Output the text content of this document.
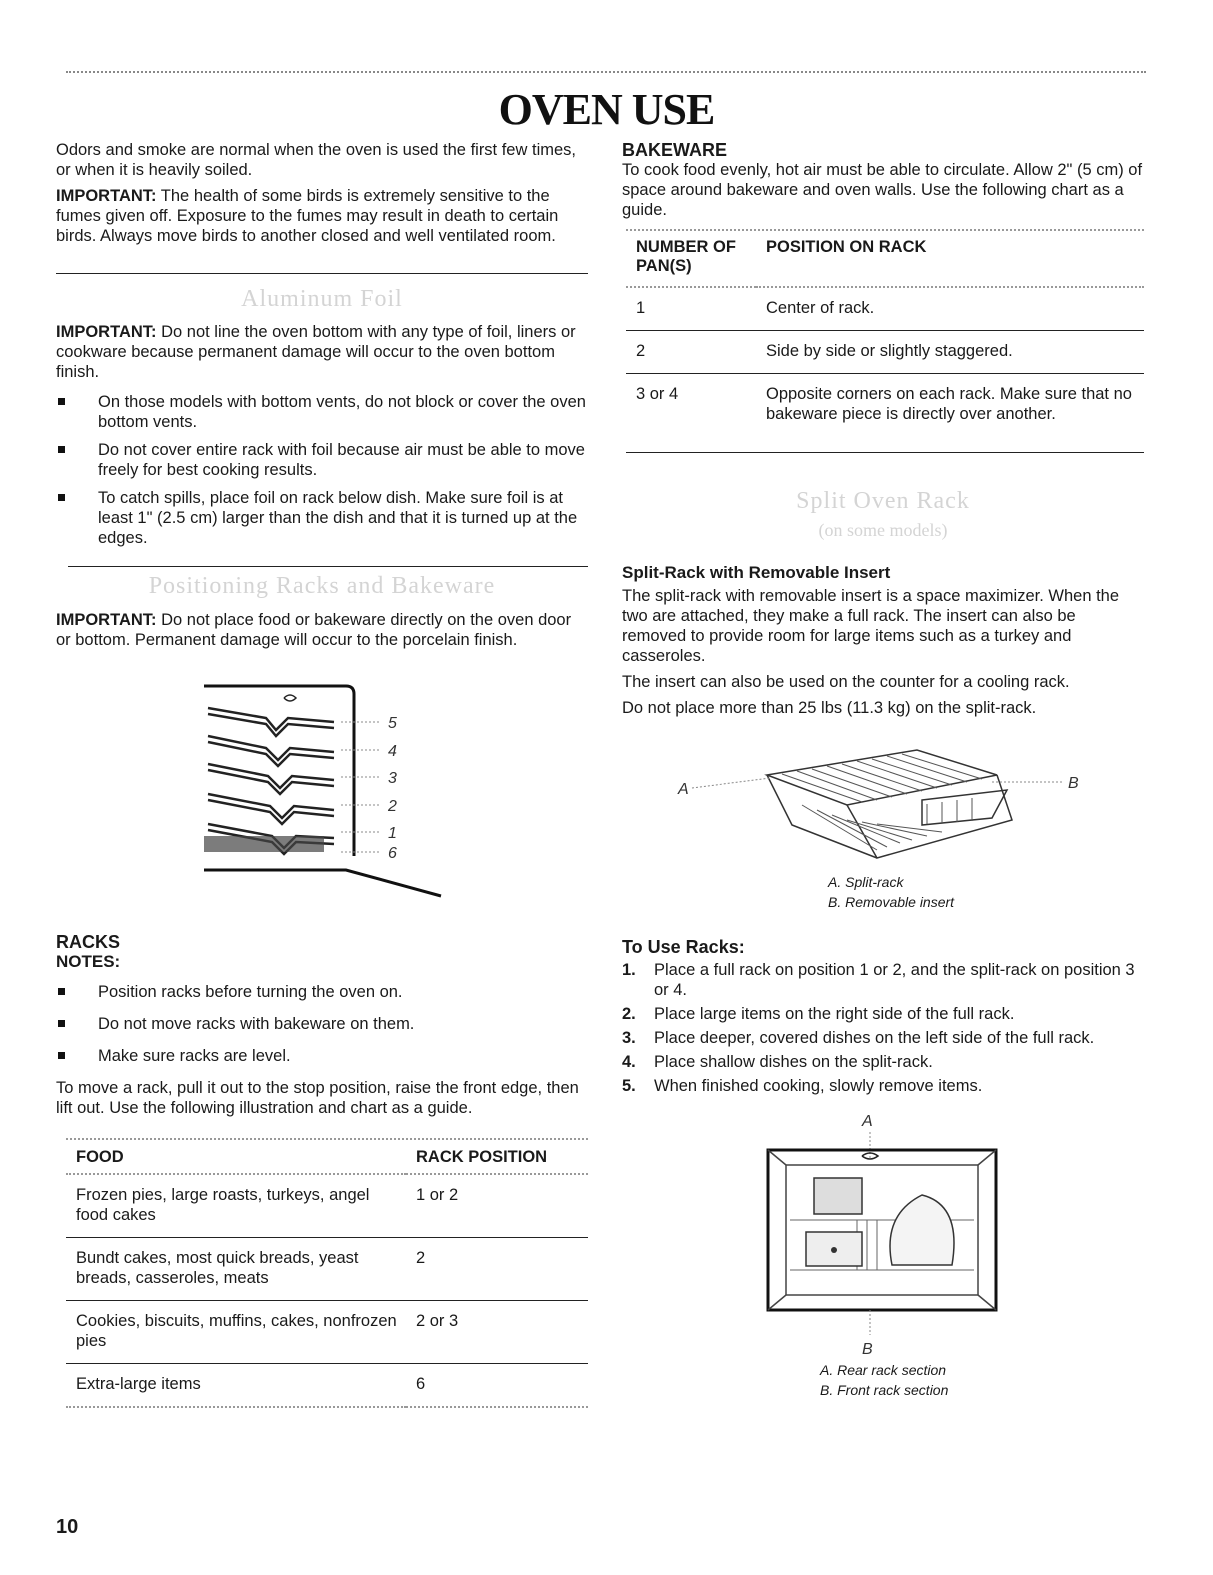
OVEN USE

Odors and smoke are normal when the oven is used the first few times, or when it is heavily soiled.

IMPORTANT: The health of some birds is extremely sensitive to the fumes given off. Exposure to the fumes may result in death to certain birds. Always move birds to another closed and well ventilated room.

Aluminum Foil

IMPORTANT: Do not line the oven bottom with any type of foil, liners or cookware because permanent damage will occur to the oven bottom finish.

On those models with bottom vents, do not block or cover the oven bottom vents.
Do not cover entire rack with foil because air must be able to move freely for best cooking results.
To catch spills, place foil on rack below dish. Make sure foil is at least 1" (2.5 cm) larger than the dish and that it is turned up at the edges.
Positioning Racks and Bakeware

IMPORTANT: Do not place food or bakeware directly on the oven door or bottom. Permanent damage will occur to the porcelain finish.

5
4
3
2
1
6
RACKS
NOTES:
Position racks before turning the oven on.
Do not move racks with bakeware on them.
Make sure racks are level.

To move a rack, pull it out to the stop position, raise the front edge, then lift out. Use the following illustration and chart as a guide.

FOOD	RACK POSITION
Frozen pies, large roasts, turkeys, angel food cakes	1 or 2
Bundt cakes, most quick breads, yeast breads, casseroles, meats	2
Cookies, biscuits, muffins, cakes, nonfrozen pies	2 or 3
Extra-large items	6
10
BAKEWARE

To cook food evenly, hot air must be able to circulate. Allow 2" (5 cm) of space around bakeware and oven walls. Use the following chart as a guide.

NUMBER OF PAN(S)	POSITION ON RACK
1	Center of rack.
2	Side by side or slightly staggered.
3 or 4	Opposite corners on each rack. Make sure that no bakeware piece is directly over another.
Split Oven Rack
(on some models)
Split-Rack with Removable Insert

The split-rack with removable insert is a space maximizer. When the two are attached, they make a full rack. The insert can also be removed to provide room for large items such as a turkey and casseroles.

The insert can also be used on the counter for a cooling rack.

Do not place more than 25 lbs (11.3 kg) on the split-rack.

A	B
A. Split-rack
B. Removable insert
To Use Racks:
1. Place a full rack on position 1 or 2, and the split-rack on position 3 or 4.
2. Place large items on the right side of the full rack.
3. Place deeper, covered dishes on the left side of the full rack.
4. Place shallow dishes on the split-rack.
5. When finished cooking, slowly remove items.
A
B
A. Rear rack section
B. Front rack section
